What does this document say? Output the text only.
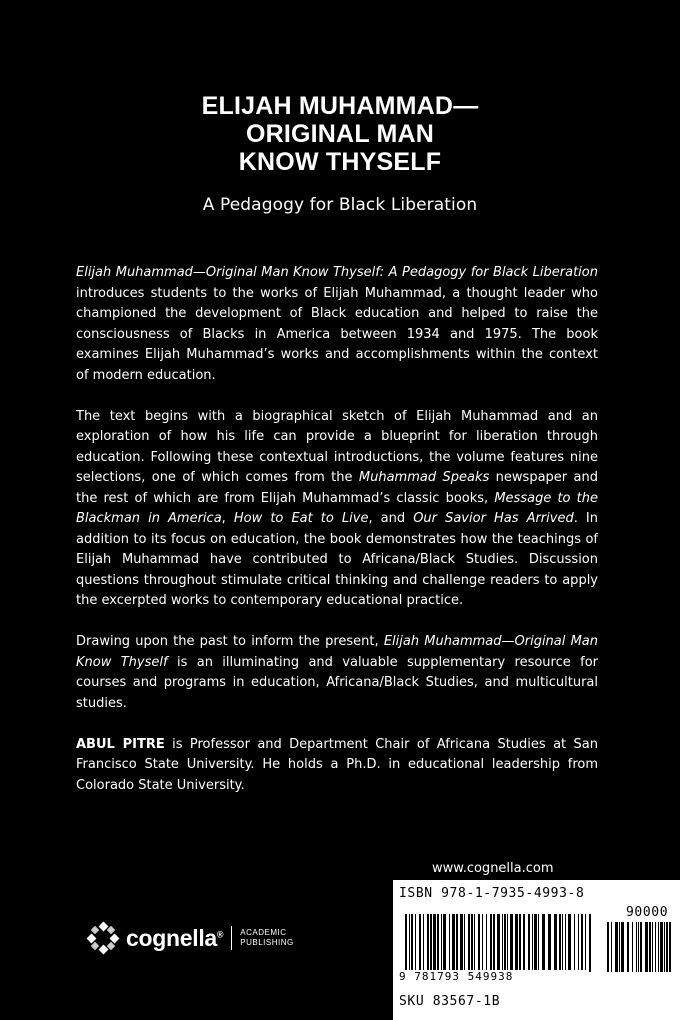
ELIJAH MUHAMMAD—
ORIGINAL MAN
KNOW THYSELF
A Pedagogy for Black Liberation

Elijah Muhammad—Original Man Know Thyself: A Pedagogy for Black Liberation introduces students to the works of Elijah Muhammad, a thought leader who championed the development of Black education and helped to raise the consciousness of Blacks in America between 1934 and 1975. The book examines Elijah Muhammad’s works and accomplishments within the context of modern education.

The text begins with a biographical sketch of Elijah Muhammad and an exploration of how his life can provide a blueprint for liberation through education. Following these contextual introductions, the volume features nine selections, one of which comes from the Muhammad Speaks newspaper and the rest of which are from Elijah Muhammad’s classic books, Message to the Blackman in America, How to Eat to Live, and Our Savior Has Arrived. In addition to its focus on education, the book demonstrates how the teachings of Elijah Muhammad have contributed to Africana/Black Studies. Discussion questions throughout stimulate critical thinking and challenge readers to apply the excerpted works to contemporary educational practice.

Drawing upon the past to inform the present, Elijah Muhammad—Original Man Know Thyself is an illuminating and valuable supplementary resource for courses and programs in education, Africana/Black Studies, and multicultural studies.

ABUL PITRE is Professor and Department Chair of Africana Studies at San Francisco State University. He holds a Ph.D. in educational leadership from Colorado State University.

www.cognella.com
cognella® ACADEMIC
PUBLISHING
ISBN 978-1-7935-4993-8
90000
9 781793 549938
SKU 83567-1B
